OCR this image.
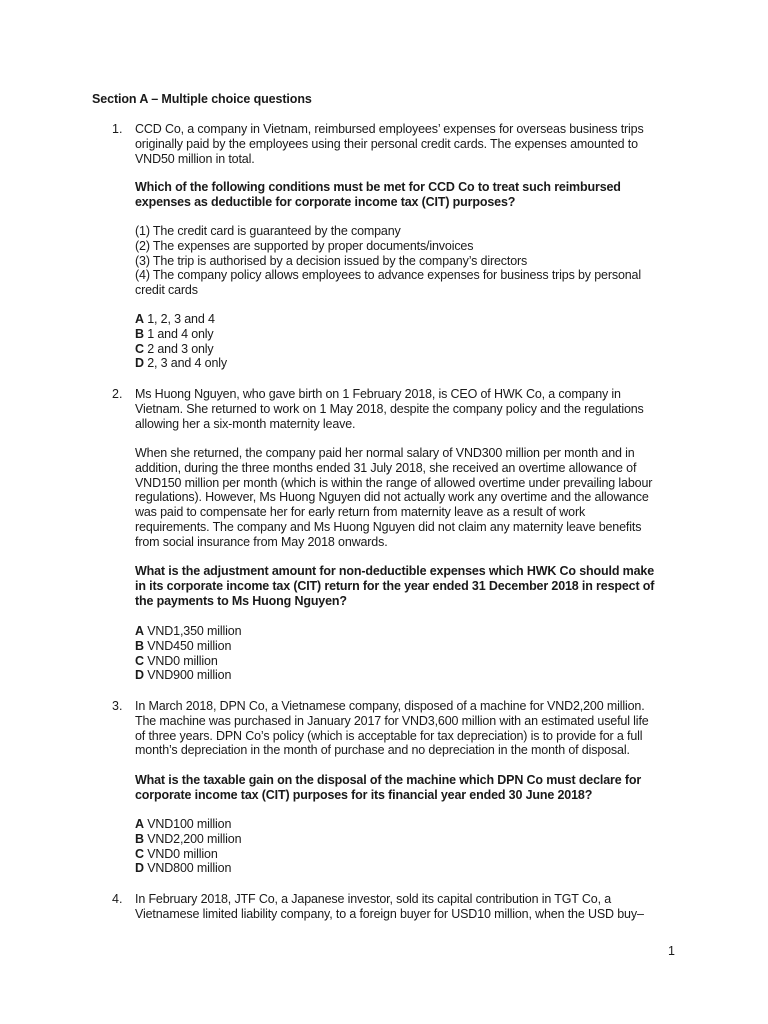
Section A – Multiple choice questions
1. CCD Co, a company in Vietnam, reimbursed employees’ expenses for overseas business trips
originally paid by the employees using their personal credit cards. The expenses amounted to
VND50 million in total.
Which of the following conditions must be met for CCD Co to treat such reimbursed
expenses as deductible for corporate income tax (CIT) purposes?
(1) The credit card is guaranteed by the company
(2) The expenses are supported by proper documents/invoices
(3) The trip is authorised by a decision issued by the company’s directors
(4) The company policy allows employees to advance expenses for business trips by personal
credit cards
A 1, 2, 3 and 4
B 1 and 4 only
C 2 and 3 only
D 2, 3 and 4 only
2. Ms Huong Nguyen, who gave birth on 1 February 2018, is CEO of HWK Co, a company in
Vietnam. She returned to work on 1 May 2018, despite the company policy and the regulations
allowing her a six-month maternity leave.
When she returned, the company paid her normal salary of VND300 million per month and in
addition, during the three months ended 31 July 2018, she received an overtime allowance of
VND150 million per month (which is within the range of allowed overtime under prevailing labour
regulations). However, Ms Huong Nguyen did not actually work any overtime and the allowance
was paid to compensate her for early return from maternity leave as a result of work
requirements. The company and Ms Huong Nguyen did not claim any maternity leave benefits
from social insurance from May 2018 onwards.
What is the adjustment amount for non-deductible expenses which HWK Co should make
in its corporate income tax (CIT) return for the year ended 31 December 2018 in respect of
the payments to Ms Huong Nguyen?
A VND1,350 million
B VND450 million
C VND0 million
D VND900 million
3. In March 2018, DPN Co, a Vietnamese company, disposed of a machine for VND2,200 million.
The machine was purchased in January 2017 for VND3,600 million with an estimated useful life
of three years. DPN Co’s policy (which is acceptable for tax depreciation) is to provide for a full
month’s depreciation in the month of purchase and no depreciation in the month of disposal.
What is the taxable gain on the disposal of the machine which DPN Co must declare for
corporate income tax (CIT) purposes for its financial year ended 30 June 2018?
A VND100 million
B VND2,200 million
C VND0 million
D VND800 million
4. In February 2018, JTF Co, a Japanese investor, sold its capital contribution in TGT Co, a
Vietnamese limited liability company, to a foreign buyer for USD10 million, when the USD buy–
1
